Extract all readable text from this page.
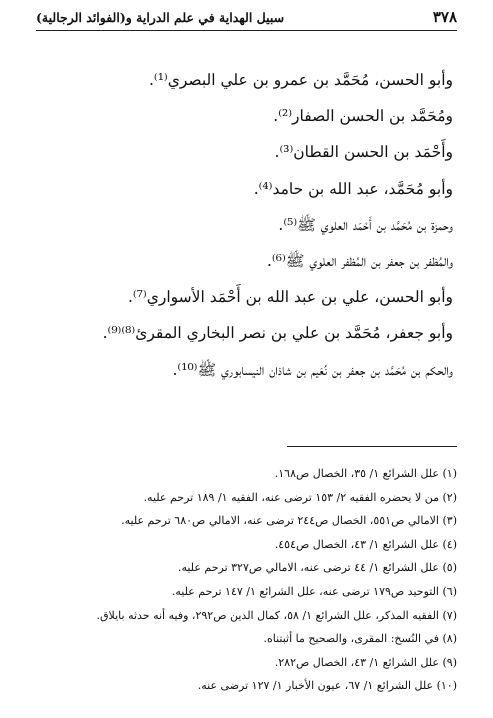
٣٧٨
سبيل الهداية في علم الدراية و(الفوائد الرجالية)
وأبو الحسن، مُحَمَّد بن عمرو بن علي البصري⁽¹⁾.
ومُحَمَّد بن الحسن الصفار⁽²⁾.
وأَحْمَد بن الحسن القطان⁽³⁾.
وأبو مُحَمَّد، عبد الله بن حامد⁽⁴⁾.
وحمزة بن مُحَمَّد بن أَحْمَد العلوي ﷺ⁽⁵⁾.
والمُظفر بن جعفر بن المُظفر العلوي ﷺ⁽⁶⁾.
وأبو الحسن، علي بن عبد الله بن أَحْمَد الأسواري⁽⁷⁾.
وأبو جعفر، مُحَمَّد بن علي بن نصر البخاري المقرئ⁽⁸⁾⁽⁹⁾.
والحكم بن مُحَمَّد بن جعفر بن نُعَيم بن شاذان النيسابوري ﷺ⁽¹⁰⁾.
(١) علل الشرائع ١/ ٣٥، الخصال ص١٦٨.
(٢) من لا يحضره الفقيه ٢/ ١٥٣ ترضى عنه، الفقيه ١/ ١٨٩ ترحم عليه.
(٣) الامالي ص٥٥١، الخصال ص٢٤٤ ترضى عنه، الامالي ص٦٨٠ ترحم عليه.
(٤) علل الشرائع ١/ ٤٣، الخصال ص٤٥٤.
(٥) علل الشرائع ١/ ٤٤ ترضى عنه، الامالي ص٣٢٧ ترحم عليه.
(٦) التوحيد ص١٧٩ ترضى عنه، علل الشرائع ١/ ١٤٧ ترحم عليه.
(٧) الفقيه المذكر، علل الشرائع ١/ ٥٨، كمال الدين ص٢٩٢، وفيه أنه حدثه بايلاق.
(٨) في النُسخ: المقرى، والصحيح ما أثبتناه.
(٩) علل الشرائع ١/ ٤٣، الخصال ص٢٨٢.
(١٠) علل الشرائع ١/ ٦٧، عيون الأخبار ١/ ١٢٧ ترضى عنه.
